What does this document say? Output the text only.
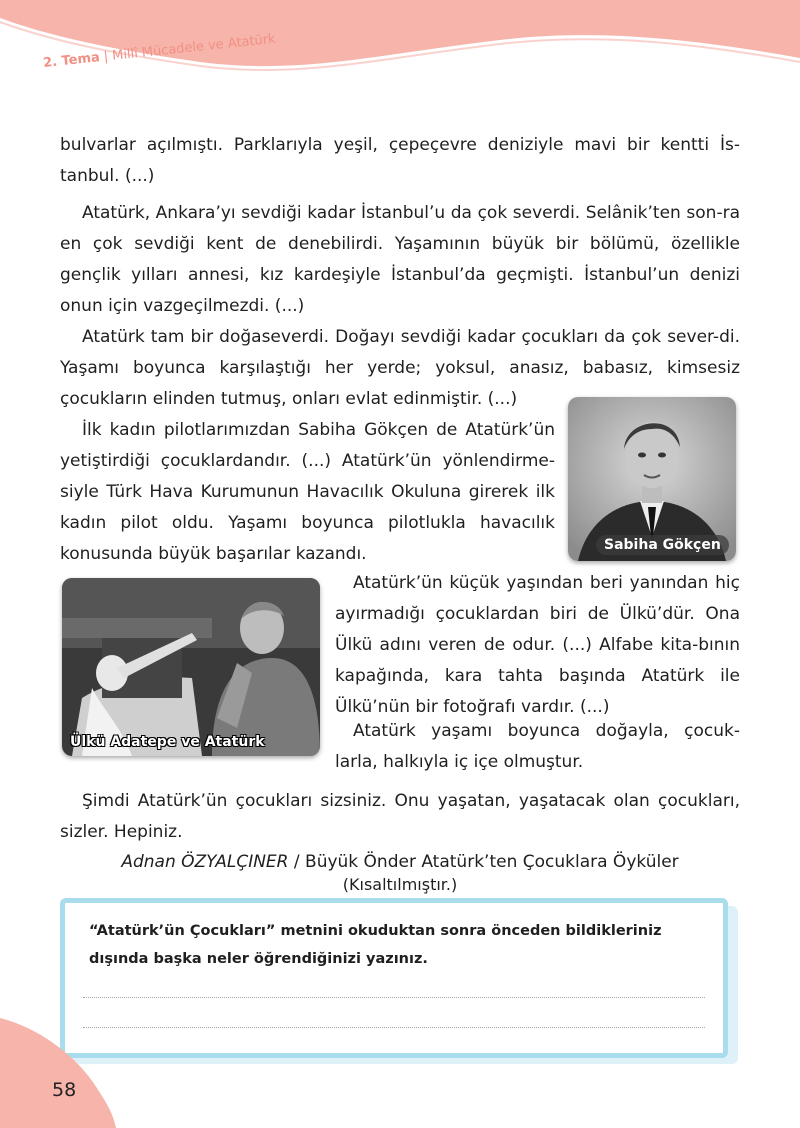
2. Tema | Millî Mücadele ve Atatürk

bulvarlar açılmıştı. Parklarıyla yeşil, çepeçevre deniziyle mavi bir kentti İs-tanbul. (...)

Atatürk, Ankara’yı sevdiği kadar İstanbul’u da çok severdi. Selânik’ten son-ra en çok sevdiği kent de denebilirdi. Yaşamının büyük bir bölümü, özellikle gençlik yılları annesi, kız kardeşiyle İstanbul’da geçmişti. İstanbul’un denizi onun için vazgeçilmezdi. (...)

Atatürk tam bir doğaseverdi. Doğayı sevdiği kadar çocukları da çok sever-di. Yaşamı boyunca karşılaştığı her yerde; yoksul, anasız, babasız, kimsesiz çocukların elinden tutmuş, onları evlat edinmiştir. (...)

İlk kadın pilotlarımızdan Sabiha Gökçen de Atatürk’ün yetiştirdiği çocuklardandır. (...) Atatürk’ün yönlendirme-siyle Türk Hava Kurumunun Havacılık Okuluna girerek ilk kadın pilot oldu. Yaşamı boyunca pilotlukla havacılık konusunda büyük başarılar kazandı.

Atatürk’ün küçük yaşından beri yanından hiç ayırmadığı çocuklardan biri de Ülkü’dür. Ona Ülkü adını veren de odur. (...) Alfabe kita-bının kapağında, kara tahta başında Atatürk ile Ülkü’nün bir fotoğrafı vardır. (...)

Atatürk yaşamı boyunca doğayla, çocuk-larla, halkıyla iç içe olmuştur.

Şimdi Atatürk’ün çocukları sizsiniz. Onu yaşatan, yaşatacak olan çocukları, sizler. Hepiniz.

Sabiha Gökçen
Ülkü Adatepe ve Atatürk
Adnan ÖZYALÇINER / Büyük Önder Atatürk’ten Çocuklara Öyküler
(Kısaltılmıştır.)

“Atatürk’ün Çocukları” metnini okuduktan sonra önceden bildikleriniz dışında başka neler öğrendiğinizi yazınız.

58
